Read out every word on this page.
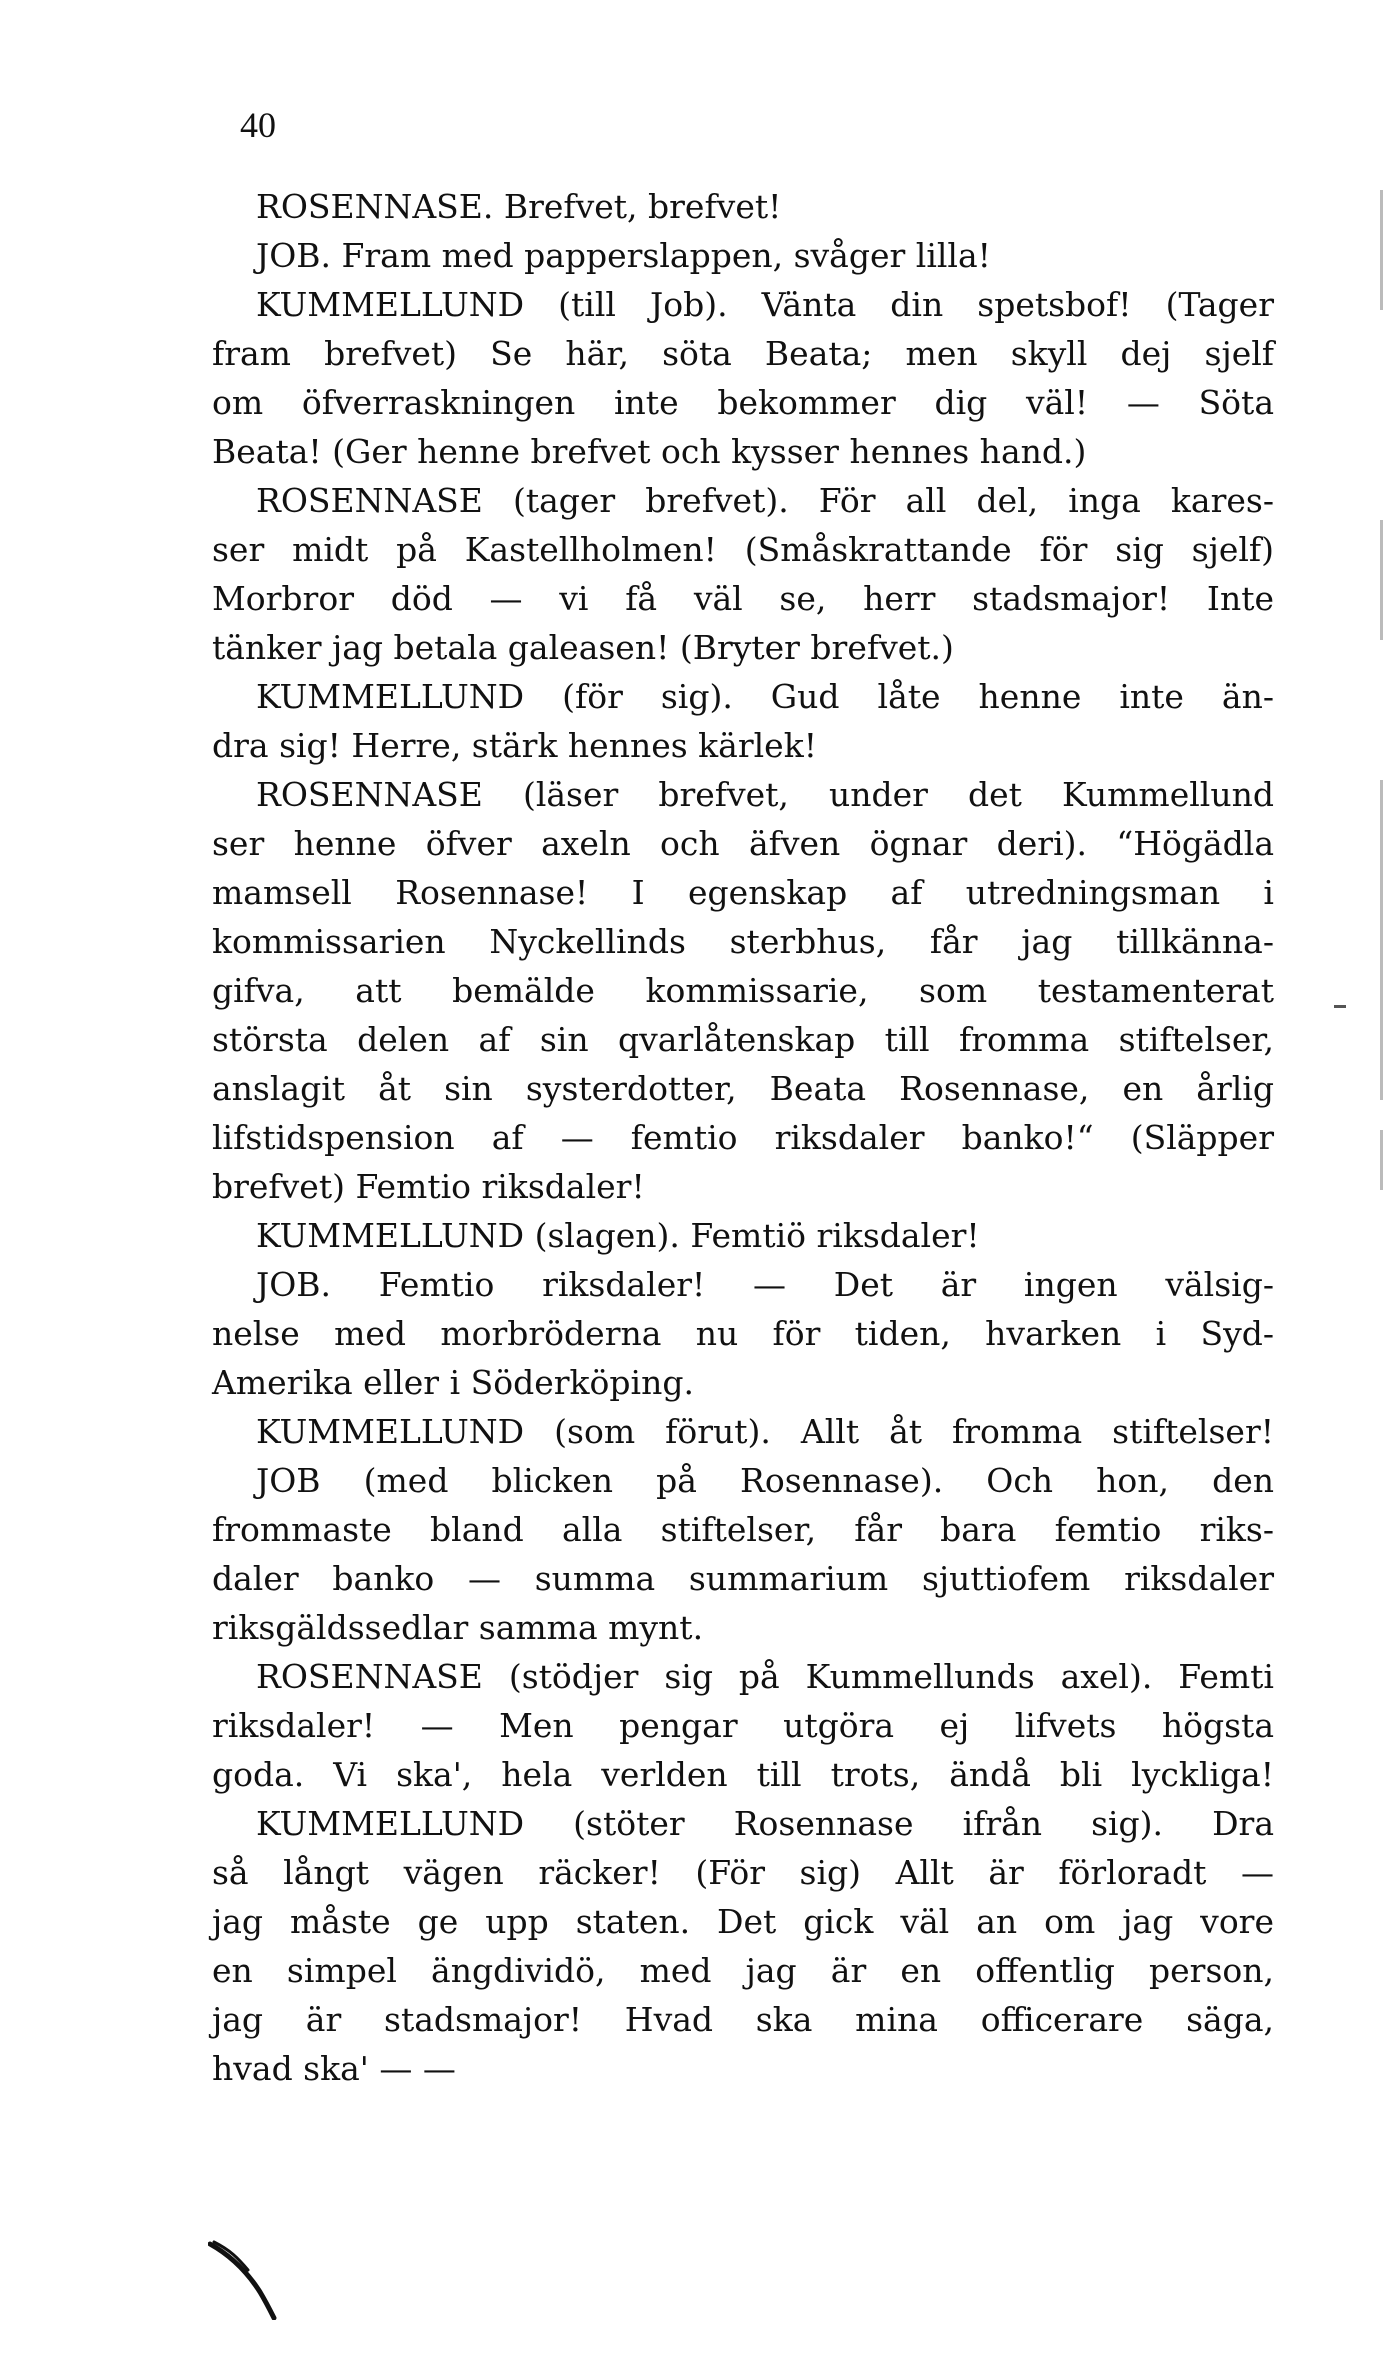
40
ROSENNASE. Brefvet, brefvet!
JOB. Fram med papperslappen, svåger lilla!
KUMMELLUND (till Job). Vänta din spetsbof! (Tager
fram brefvet) Se här, söta Beata; men skyll dej sjelf
om öfverraskningen inte bekommer dig väl! — Söta
Beata! (Ger henne brefvet och kysser hennes hand.)
ROSENNASE (tager brefvet). För all del, inga kares-
ser midt på Kastellholmen! (Småskrattande för sig sjelf)
Morbror död — vi få väl se, herr stadsmajor! Inte
tänker jag betala galeasen! (Bryter brefvet.)
KUMMELLUND (för sig). Gud låte henne inte än-
dra sig! Herre, stärk hennes kärlek!
ROSENNASE (läser brefvet, under det Kummellund
ser henne öfver axeln och äfven ögnar deri). “Högädla
mamsell Rosennase! I egenskap af utredningsman i
kommissarien Nyckellinds sterbhus, får jag tillkänna-
gifva, att bemälde kommissarie, som testamenterat
största delen af sin qvarlåtenskap till fromma stiftelser,
anslagit åt sin systerdotter, Beata Rosennase, en årlig
lifstidspension af — femtio riksdaler banko!“ (Släpper
brefvet) Femtio riksdaler!
KUMMELLUND (slagen). Femtiö riksdaler!
JOB. Femtio riksdaler! — Det är ingen välsig-
nelse med morbröderna nu för tiden, hvarken i Syd-
Amerika eller i Söderköping.
KUMMELLUND (som förut). Allt åt fromma stiftelser!
JOB (med blicken på Rosennase). Och hon, den
frommaste bland alla stiftelser, får bara femtio riks-
daler banko — summa summarium sjuttiofem riksdaler
riksgäldssedlar samma mynt.
ROSENNASE (stödjer sig på Kummellunds axel). Femti
riksdaler! — Men pengar utgöra ej lifvets högsta
goda. Vi ska', hela verlden till trots, ändå bli lyckliga!
KUMMELLUND (stöter Rosennase ifrån sig). Dra
så långt vägen räcker! (För sig) Allt är förloradt —
jag måste ge upp staten. Det gick väl an om jag vore
en simpel ängdividö, med jag är en offentlig person,
jag är stadsmajor! Hvad ska mina officerare säga,
hvad ska' — —
